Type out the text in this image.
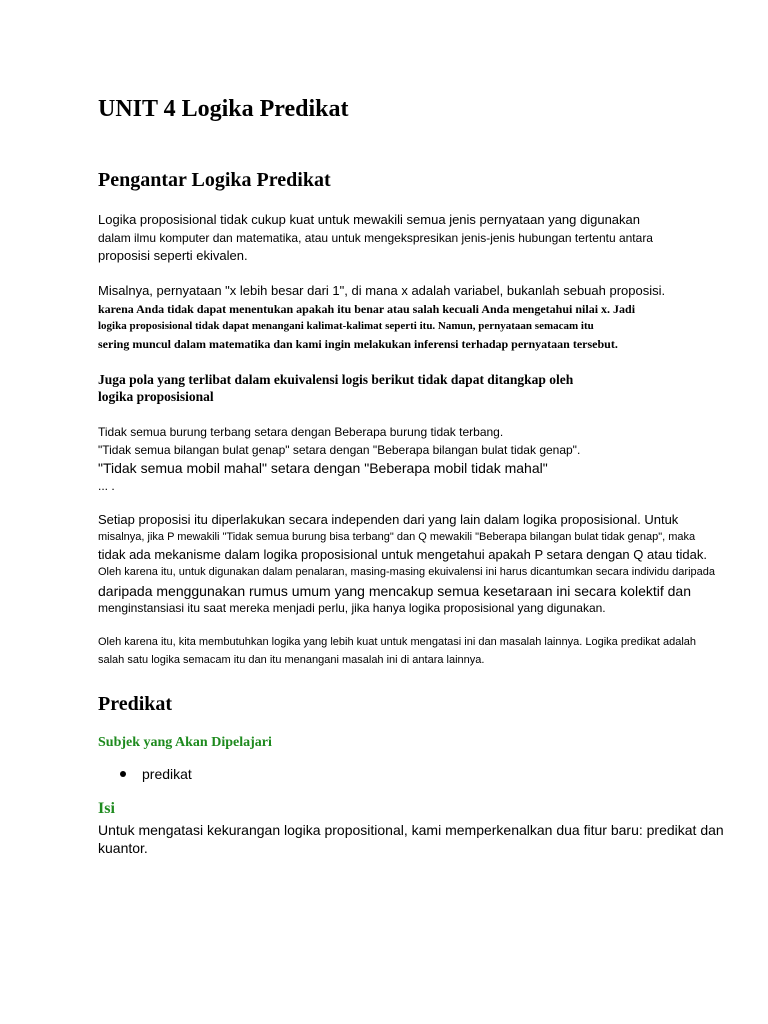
UNIT 4 Logika Predikat
Pengantar Logika Predikat
Logika proposisional tidak cukup kuat untuk mewakili semua jenis pernyataan yang digunakan
dalam ilmu komputer dan matematika, atau untuk mengekspresikan jenis-jenis hubungan tertentu antara
proposisi seperti ekivalen.
Misalnya, pernyataan "x lebih besar dari 1", di mana x adalah variabel, bukanlah sebuah proposisi.
karena Anda tidak dapat menentukan apakah itu benar atau salah kecuali Anda mengetahui nilai x. Jadi
logika proposisional tidak dapat menangani kalimat-kalimat seperti itu. Namun, pernyataan semacam itu
sering muncul dalam matematika dan kami ingin melakukan inferensi terhadap pernyataan tersebut.
Juga pola yang terlibat dalam ekuivalensi logis berikut tidak dapat ditangkap oleh
logika proposisional
Tidak semua burung terbang setara dengan Beberapa burung tidak terbang.
"Tidak semua bilangan bulat genap" setara dengan "Beberapa bilangan bulat tidak genap".
"Tidak semua mobil mahal" setara dengan "Beberapa mobil tidak mahal"
... .
Setiap proposisi itu diperlakukan secara independen dari yang lain dalam logika proposisional. Untuk
misalnya, jika P mewakili "Tidak semua burung bisa terbang" dan Q mewakili "Beberapa bilangan bulat tidak genap", maka
tidak ada mekanisme dalam logika proposisional untuk mengetahui apakah P setara dengan Q atau tidak.
Oleh karena itu, untuk digunakan dalam penalaran, masing-masing ekuivalensi ini harus dicantumkan secara individu daripada
daripada menggunakan rumus umum yang mencakup semua kesetaraan ini secara kolektif dan
menginstansiasi itu saat mereka menjadi perlu, jika hanya logika proposisional yang digunakan.
Oleh karena itu, kita membutuhkan logika yang lebih kuat untuk mengatasi ini dan masalah lainnya. Logika predikat adalah
salah satu logika semacam itu dan itu menangani masalah ini di antara lainnya.
Predikat
Subjek yang Akan Dipelajari
predikat
Isi
Untuk mengatasi kekurangan logika propositional, kami memperkenalkan dua fitur baru: predikat dan
kuantor.
